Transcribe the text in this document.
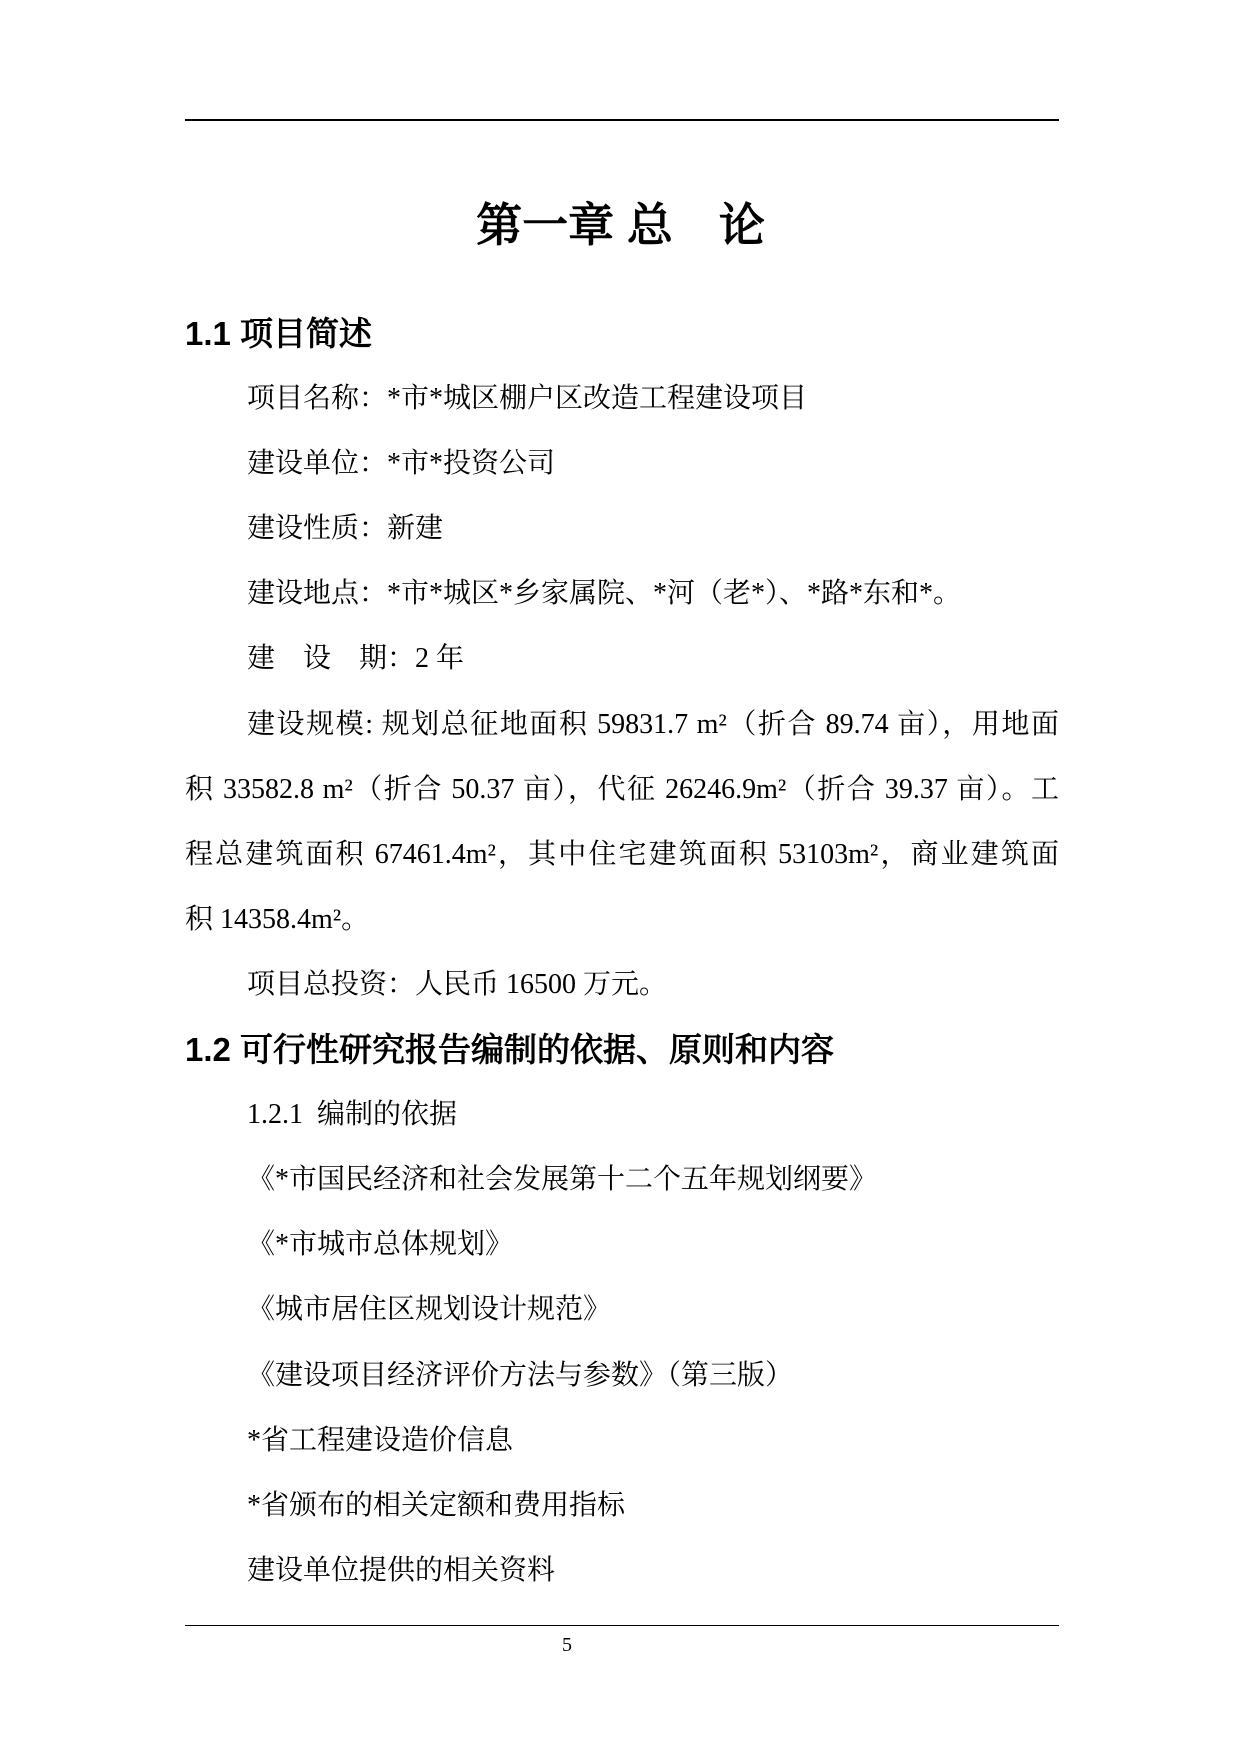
第一章 总　论
1.1 项目简述
项目名称：*市*城区棚户区改造工程建设项目
建设单位：*市*投资公司
建设性质：新建
建设地点：*市*城区*乡家属院、*河（老*）、*路*东和*。
建　设　期：2 年
建设规模: 规划总征地面积 59831.7 m²（折合 89.74 亩），用地面
积 33582.8 m²（折合 50.37 亩），代征 26246.9m²（折合 39.37 亩）。工
程总建筑面积 67461.4m²，其中住宅建筑面积 53103m²，商业建筑面
积 14358.4m²。
项目总投资：人民币 16500 万元。
1.2 可行性研究报告编制的依据、原则和内容
1.2.1  编制的依据
《*市国民经济和社会发展第十二个五年规划纲要》
《*市城市总体规划》
《城市居住区规划设计规范》
《建设项目经济评价方法与参数》（第三版）
*省工程建设造价信息
*省颁布的相关定额和费用指标
建设单位提供的相关资料
5
